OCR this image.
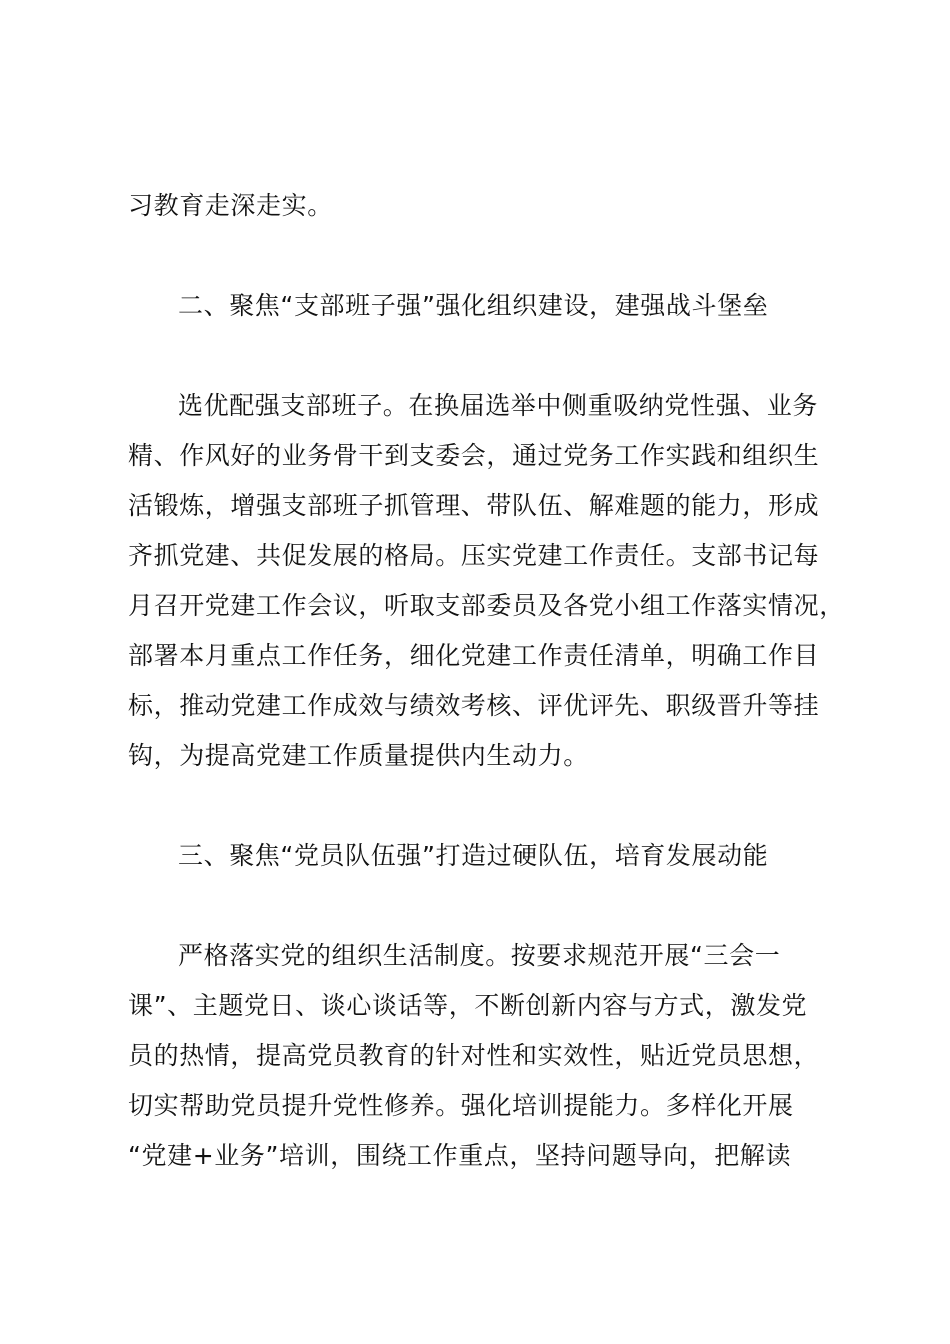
习教育走深走实。
二、聚焦“支部班子强”强化组织建设，建强战斗堡垒
选优配强支部班子。在换届选举中侧重吸纳党性强、业务
精、作风好的业务骨干到支委会，通过党务工作实践和组织生
活锻炼，增强支部班子抓管理、带队伍、解难题的能力，形成
齐抓党建、共促发展的格局。压实党建工作责任。支部书记每
月召开党建工作会议，听取支部委员及各党小组工作落实情况，
部署本月重点工作任务，细化党建工作责任清单，明确工作目
标，推动党建工作成效与绩效考核、评优评先、职级晋升等挂
钩，为提高党建工作质量提供内生动力。
三、聚焦“党员队伍强”打造过硬队伍，培育发展动能
严格落实党的组织生活制度。按要求规范开展“三会一
课”、主题党日、谈心谈话等，不断创新内容与方式，激发党
员的热情，提高党员教育的针对性和实效性，贴近党员思想，
切实帮助党员提升党性修养。强化培训提能力。多样化开展
“党建+业务”培训，围绕工作重点，坚持问题导向，把解读
